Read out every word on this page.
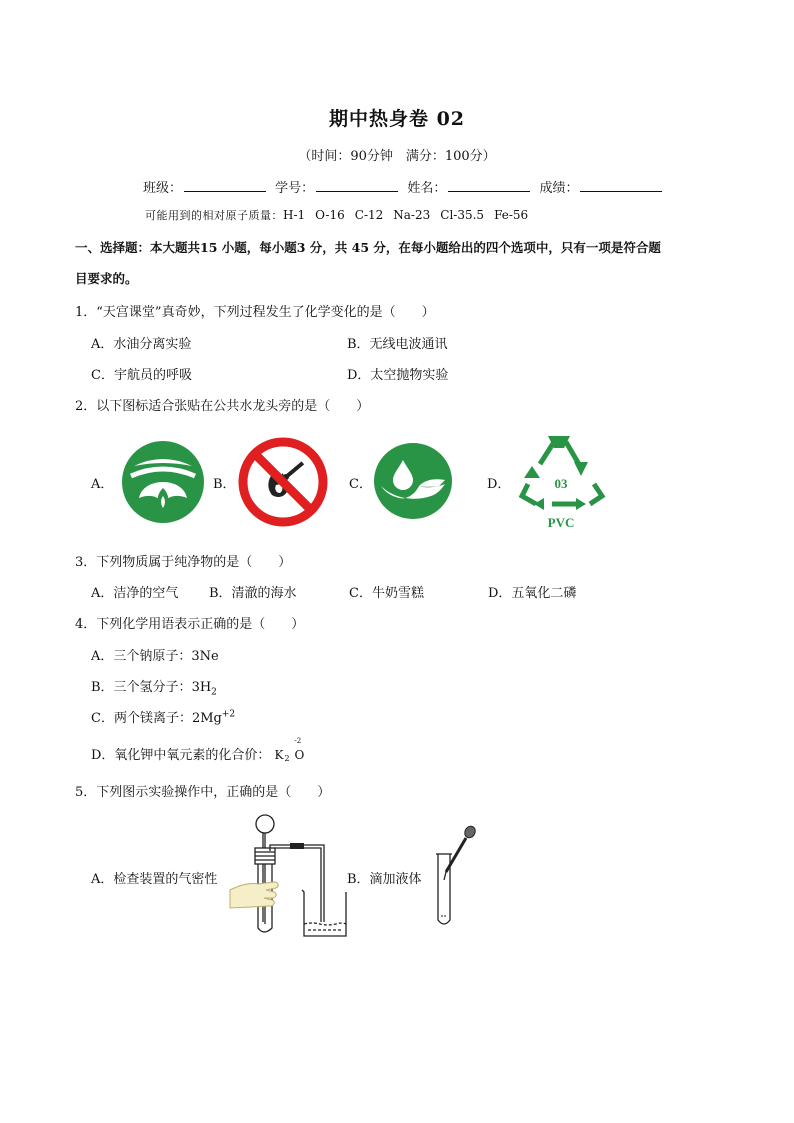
期中热身卷 02
（时间：90分钟　满分：100分）
班级：	学号：	姓名：	成绩：
可能用到的相对原子质量：H-1 O-16 C-12 Na-23 Cl-35.5 Fe-56
一、选择题：本大题共15 小题，每小题3 分，共 45 分，在每小题给出的四个选项中，只有一项是符合题
目要求的。
1．“天宫课堂”真奇妙，下列过程发生了化学变化的是（　　）
A．水油分离实验	B．无线电波通讯
C．宇航员的呼吸	D．太空抛物实验
2．以下图标适合张贴在公共水龙头旁的是（　　）
A．	B．	C．	D．	03
PVC
3．下列物质属于纯净物的是（　　）
A．洁净的空气 B．清澈的海水	C．牛奶雪糕	D．五氧化二磷
4．下列化学用语表示正确的是（　　）
A．三个钠原子：3Ne
B．三个氢分子：$3H_2$
C．两个镁离子：$2Mg^{+2}$
D．氧化钾中氧元素的化合价： K 2 O
-2
5．下列图示实验操作中，正确的是（　　）
A．检查装置的气密性	B．滴加液体
